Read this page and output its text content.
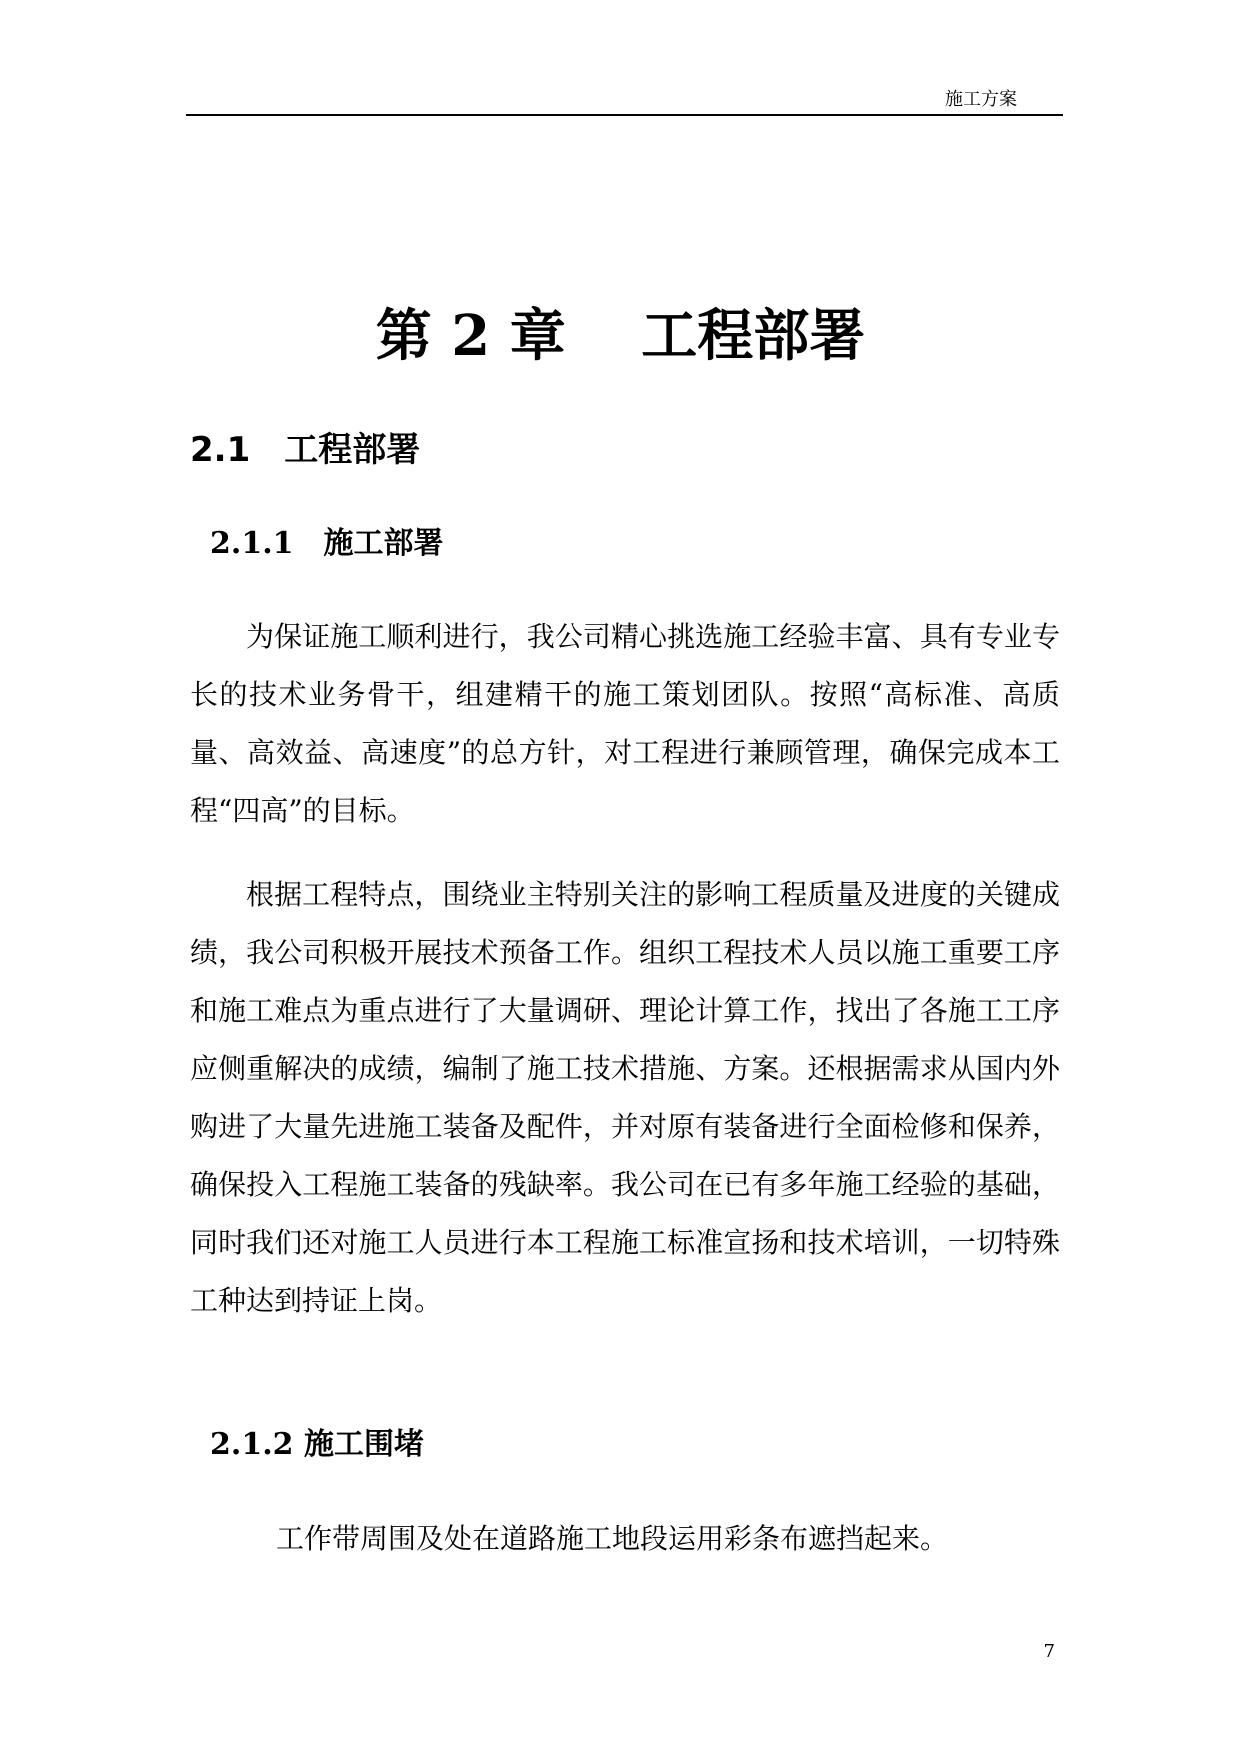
施工方案
第 2 章　 工程部署
2.1　工程部署
2.1.1　施工部署

为保证施工顺利进行，我公司精心挑选施工经验丰富、具有专业专长的技术业务骨干，组建精干的施工策划团队。按照“高标准、高质量、高效益、高速度”的总方针，对工程进行兼顾管理，确保完成本工程“四高”的目标。

根据工程特点，围绕业主特别关注的影响工程质量及进度的关键成绩，我公司积极开展技术预备工作。组织工程技术人员以施工重要工序和施工难点为重点进行了大量调研、理论计算工作，找出了各施工工序应侧重解决的成绩，编制了施工技术措施、方案。还根据需求从国内外购进了大量先进施工装备及配件，并对原有装备进行全面检修和保养，确保投入工程施工装备的残缺率。我公司在已有多年施工经验的基础，同时我们还对施工人员进行本工程施工标准宣扬和技术培训，一切特殊工种达到持证上岗。

2.1.2 施工围堵

工作带周围及处在道路施工地段运用彩条布遮挡起来。

7
